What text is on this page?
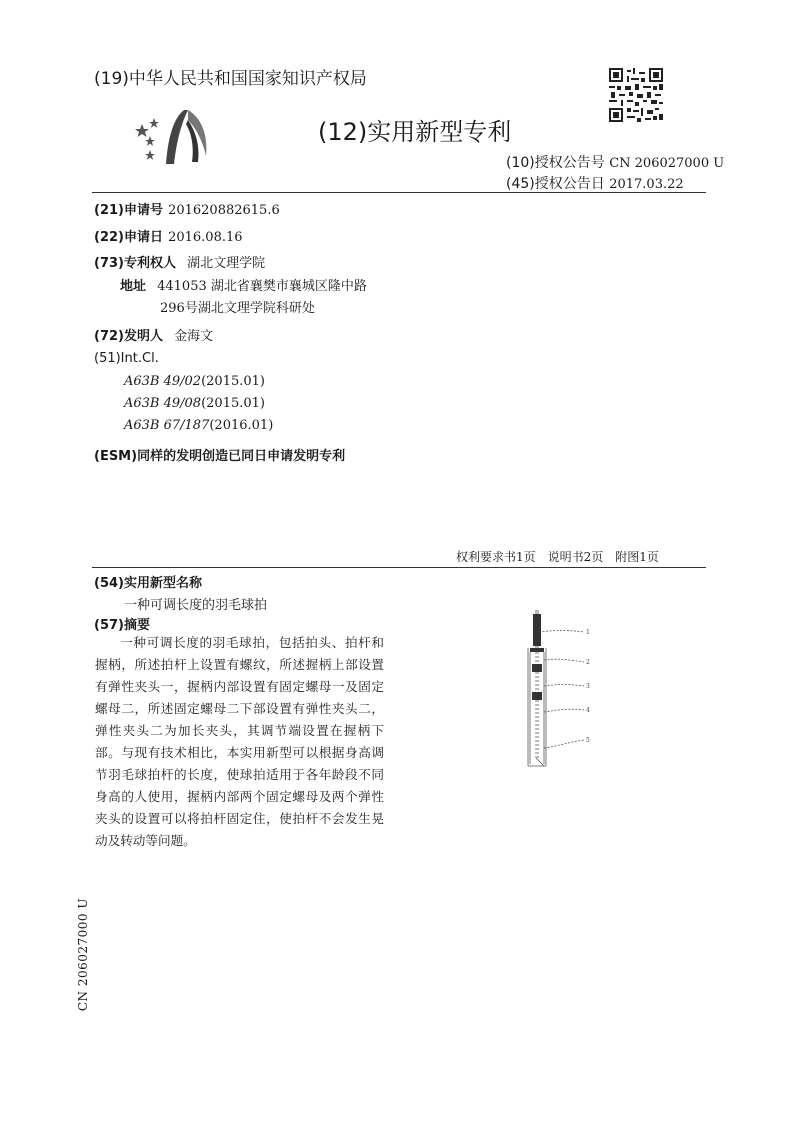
(19)中华人民共和国国家知识产权局
(12)实用新型专利
(10)授权公告号 CN 206027000 U
(45)授权公告日 2017.03.22
(21)申请号 201620882615.6
(22)申请日 2016.08.16
(73)专利权人 湖北文理学院
地址 441053 湖北省襄樊市襄城区隆中路
296号湖北文理学院科研处
(72)发明人 金海文
(51)Int.Cl.
A63B 49/02(2015.01)
A63B 49/08(2015.01)
A63B 67/187(2016.01)
(ESM)同样的发明创造已同日申请发明专利
权利要求书1页　说明书2页　附图1页
(54)实用新型名称
一种可调长度的羽毛球拍
(57)摘要
一种可调长度的羽毛球拍，包括拍头、拍杆和握柄，所述拍杆上设置有螺纹，所述握柄上部设置有弹性夹头一，握柄内部设置有固定螺母一及固定螺母二，所述固定螺母二下部设置有弹性夹头二，弹性夹头二为加长夹头，其调节端设置在握柄下部。与现有技术相比，本实用新型可以根据身高调节羽毛球拍杆的长度，使球拍适用于各年龄段不同身高的人使用，握柄内部两个固定螺母及两个弹性夹头的设置可以将拍杆固定住，使拍杆不会发生晃动及转动等问题。
1
2
3
4
5
CN 206027000 U
